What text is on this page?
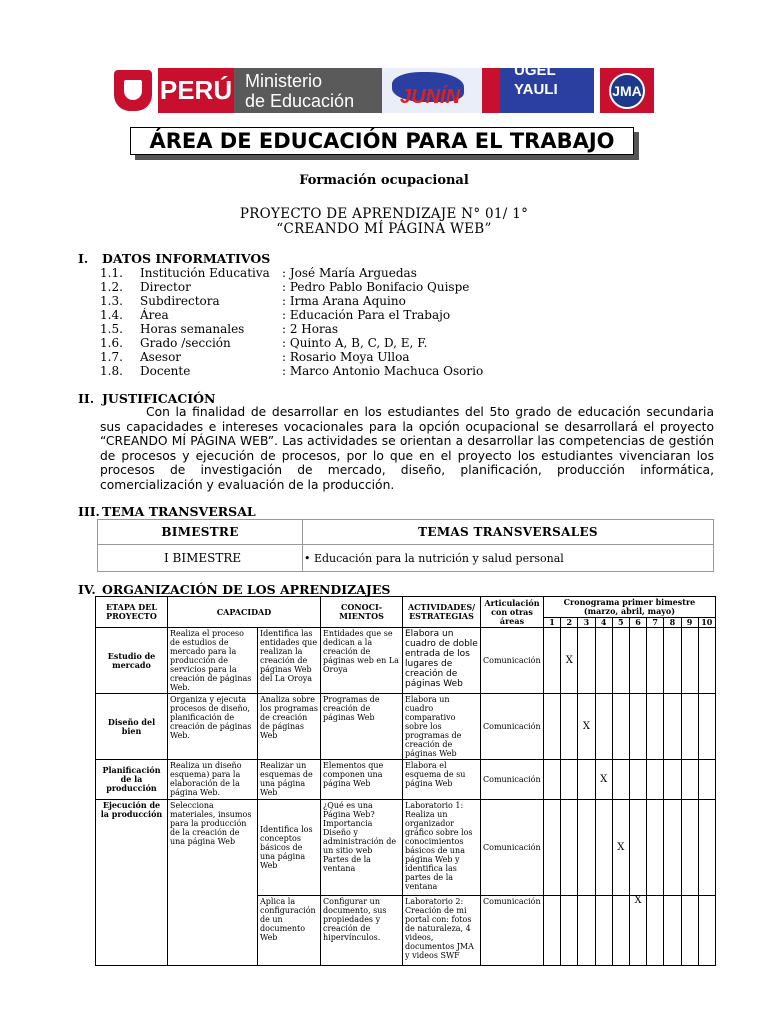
PERÚ Ministerio
de Educación	JUNÍN
UGEL
YAULI	JMA
ÁREA DE EDUCACIÓN PARA EL TRABAJO
Formación ocupacional
PROYECTO DE APRENDIZAJE N° 01/ 1°
“CREANDO MÍ PÁGINA WEB”
I. DATOS INFORMATIVOS
1.1. Institución Educativa : José María Arguedas
1.2. Director	: Pedro Pablo Bonifacio Quispe
1.3. Subdirectora	: Irma Arana Aquino
1.4. Área	: Educación Para el Trabajo
1.5. Horas semanales	: 2 Horas
1.6. Grado /sección	: Quinto A, B, C, D, E, F.
1.7. Asesor	: Rosario Moya Ulloa
1.8. Docente	: Marco Antonio Machuca Osorio
II. JUSTIFICACIÓN
Con la finalidad de desarrollar en los estudiantes del 5to grado de educación secundaria sus capacidades e intereses vocacionales para la opción ocupacional se desarrollará el proyecto “CREANDO MÍ PÁGINA WEB”. Las actividades se orientan a desarrollar las competencias de gestión de procesos y ejecución de procesos, por lo que en el proyecto los estudiantes vivenciaran los procesos de investigación de mercado, diseño, planificación, producción informática, comercialización y evaluación de la producción.
III. TEMA TRANSVERSAL
BIMESTRE	TEMAS TRANSVERSALES
I BIMESTRE	• Educación para la nutrición y salud personal
IV. ORGANIZACIÓN DE LOS APRENDIZAJES
ETAPA DEL PROYECTO	CAPACIDAD		CONOCI-MIENTOS	ACTIVIDADES/ ESTRATEGIAS	Articulación con otras áreas	Cronograma primer bimestre (marzo, abril, mayo)									
						1	2	3	4	5	6	7	8	9	10
Estudio de mercado	Realiza el proceso de estudios de mercado para la producción de servicios para la creación de páginas Web.	Identifica las entidades que realizan la creación de páginas Web del La Oroya	Entidades que se dedican a la creación de páginas web en La Oroya	Elabora un cuadro de doble entrada de los lugares de creación de páginas Web	Comunicación		X								
Diseño del bien	Organiza y ejecuta procesos de diseño, planificación de creación de páginas Web.	Analiza sobre los programas de creación de páginas Web	Programas de creación de páginas Web	Elabora un cuadro comparativo sobre los programas de creación de páginas Web	Comunicación			X							
Planificación de la producción	Realiza un diseño esquema) para la elaboración de la página Web.	Realizar un esquemas de una página Web	Elementos que componen una página Web	Elabora el esquema de su página Web	Comunicación				X						
Ejecución de la producción	Selecciona materiales, insumos para la producción de la creación de una página Web	Identifica los conceptos básicos de una página Web	¿Qué es una Página Web? Importancia Diseño y administración de un sitio web Partes de la ventana	Laboratorio 1: Realiza un organizador gráfico sobre los conocimientos básicos de una página Web y identifica las partes de la ventana	Comunicación					X					
		Aplica la configuración de un documento Web	Configurar un documento, sus propiedades y creación de hipervínculos.	Laboratorio 2: Creación de mi portal con: fotos de naturaleza, 4 videos, documentos JMA y videos SWF	Comunicación						X				
